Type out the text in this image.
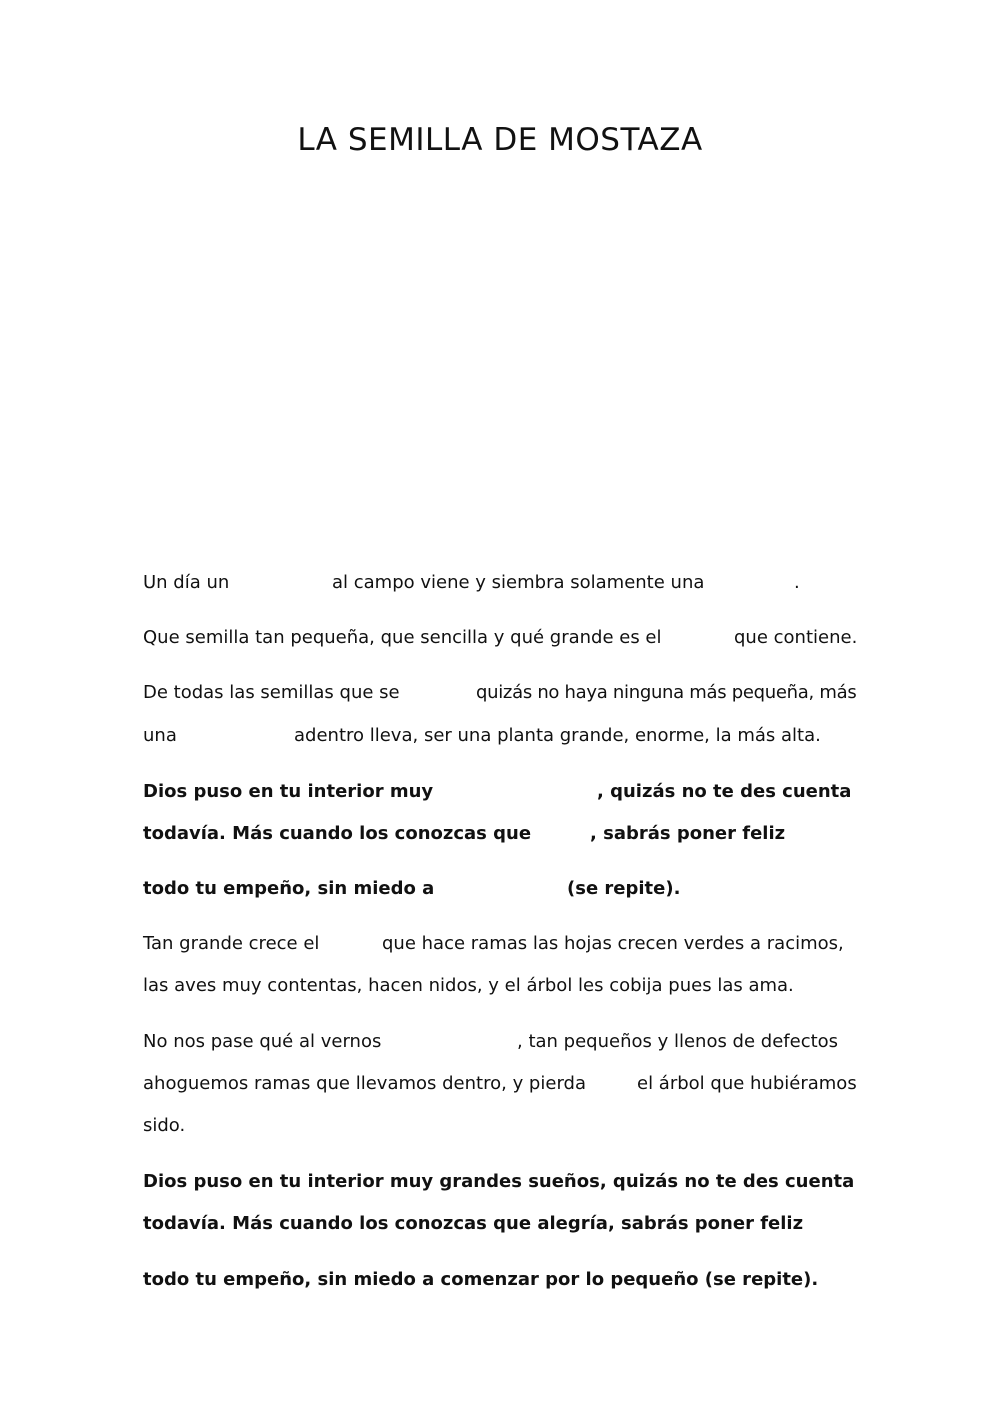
LA SEMILLA DE MOSTAZA

Un día un	al campo viene y siembra solamente una	.

Que semilla tan pequeña, que sencilla y qué grande es el	que contiene.

De todas las semillas que se	quizás no haya ninguna más pequeña, más

una	adentro lleva, ser una planta grande, enorme, la más alta.

Dios puso en tu interior muy	, quizás no te des cuenta

todavía. Más cuando los conozcas que	, sabrás poner feliz

todo tu empeño, sin miedo a	(se repite).

Tan grande crece el	que hace ramas las hojas crecen verdes a racimos,

las aves muy contentas, hacen nidos, y el árbol les cobija pues las ama.

No nos pase qué al vernos	, tan pequeños y llenos de defectos

ahoguemos ramas que llevamos dentro, y pierda	el árbol que hubiéramos

sido.

Dios puso en tu interior muy grandes sueños, quizás no te des cuenta

todavía. Más cuando los conozcas que alegría, sabrás poner feliz

todo tu empeño, sin miedo a comenzar por lo pequeño (se repite).
